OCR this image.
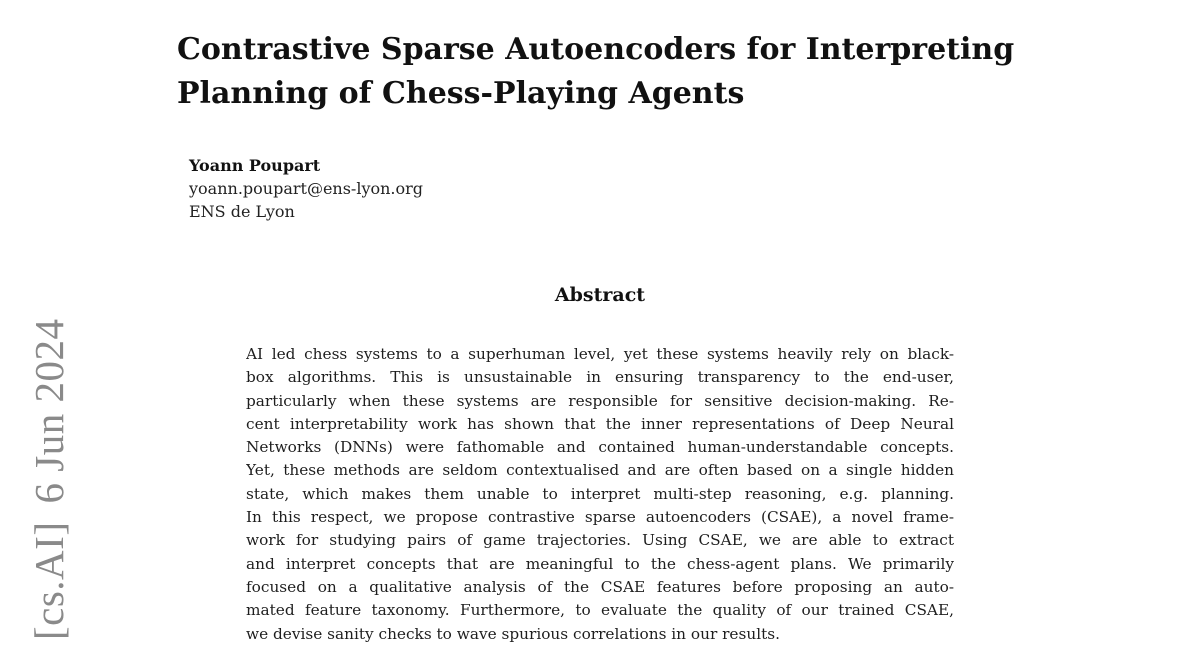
Contrastive Sparse Autoencoders for Interpreting
Planning of Chess-Playing Agents
Yoann Poupart
yoann.poupart@ens-lyon.org
ENS de Lyon
Abstract
AI led chess systems to a superhuman level, yet these systems heavily rely on black-
box algorithms. This is unsustainable in ensuring transparency to the end-user,
particularly when these systems are responsible for sensitive decision-making. Re-
cent interpretability work has shown that the inner representations of Deep Neural
Networks (DNNs) were fathomable and contained human-understandable concepts.
Yet, these methods are seldom contextualised and are often based on a single hidden
state, which makes them unable to interpret multi-step reasoning, e.g. planning.
In this respect, we propose contrastive sparse autoencoders (CSAE), a novel frame-
work for studying pairs of game trajectories. Using CSAE, we are able to extract
and interpret concepts that are meaningful to the chess-agent plans. We primarily
focused on a qualitative analysis of the CSAE features before proposing an auto-
mated feature taxonomy. Furthermore, to evaluate the quality of our trained CSAE,
we devise sanity checks to wave spurious correlations in our results.
[cs.AI]6 Jun 2024
